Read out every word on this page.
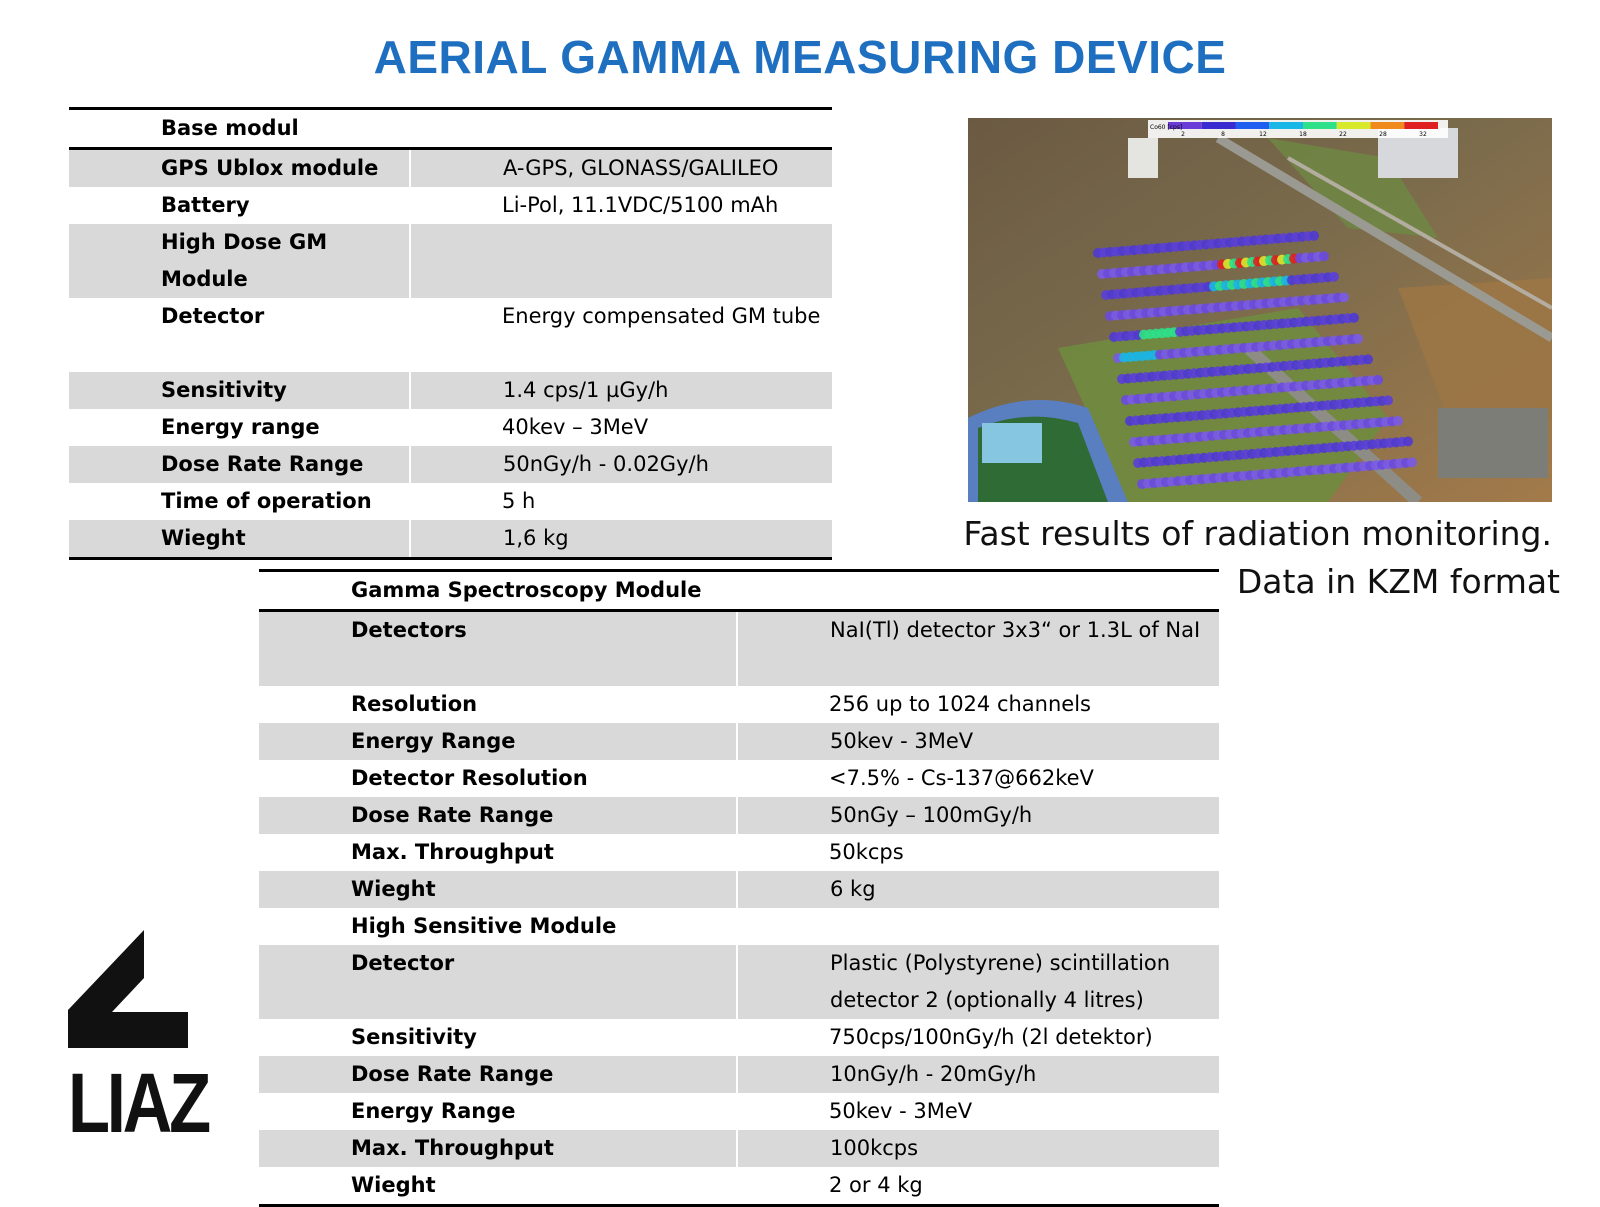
AERIAL GAMMA MEASURING DEVICE
Base modul	
GPS Ublox module	A-GPS, GLONASS/GALILEO
Battery	Li-Pol, 11.1VDC/5100 mAh
High Dose GM Module	
Detector	Energy compensated GM tube
Sensitivity	1.4 cps/1 µGy/h
Energy range	40kev – 3MeV
Dose Rate Range	50nGy/h - 0.02Gy/h
Time of operation	5 h
Wieght	1,6 kg
2	8	12	18	22	28	32
Co60 [cps]
Fast results of radiation monitoring.
Data in KZM format
Gamma Spectroscopy Module	
Detectors	NaI(Tl) detector 3x3“ or 1.3L of NaI
Resolution	256 up to 1024 channels
Energy Range	50kev - 3MeV
Detector Resolution	<7.5% - Cs-137@662keV
Dose Rate Range	50nGy – 100mGy/h
Max. Throughput	50kcps
Wieght	6 kg
High Sensitive Module	
Detector	Plastic (Polystyrene) scintillation detector 2 (optionally 4 litres)
Sensitivity	750cps/100nGy/h (2l detektor)
Dose Rate Range	10nGy/h - 20mGy/h
Energy Range	50kev - 3MeV
Max. Throughput	100kcps
Wieght	2 or 4 kg
LIAZ
